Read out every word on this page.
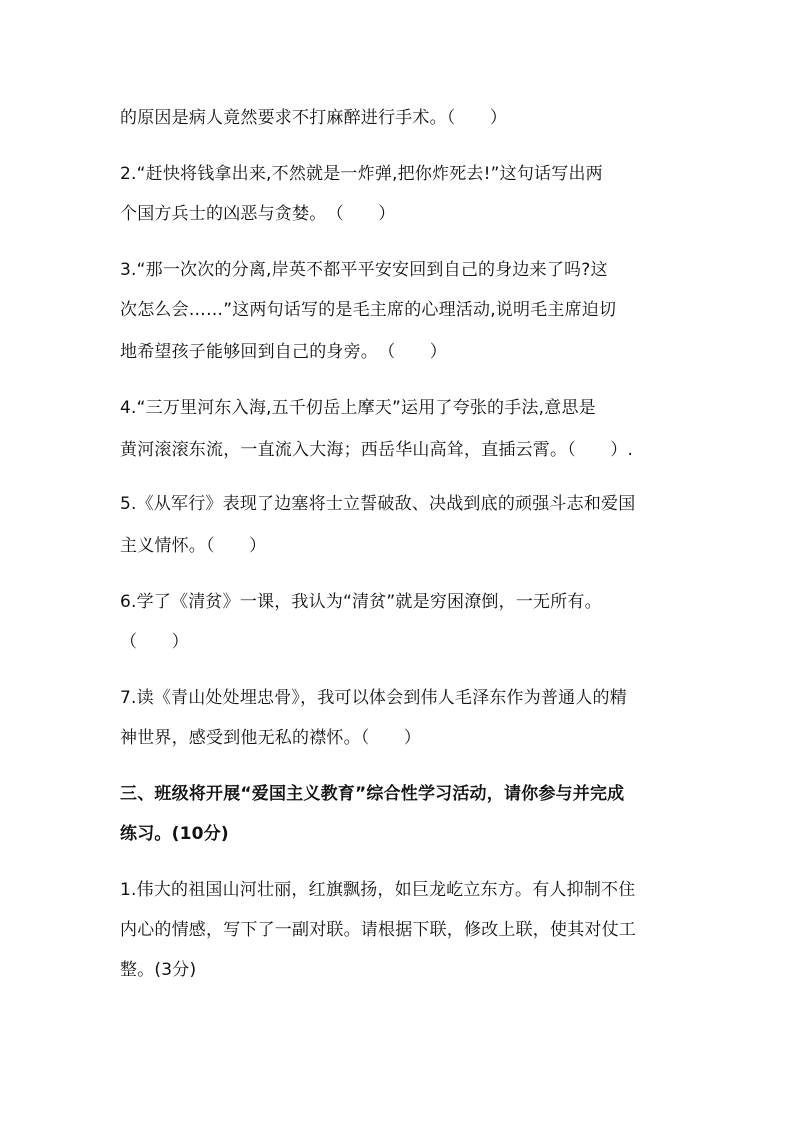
的原因是病人竟然要求不打麻醉进行手术。（　　）
2.“赶快将钱拿出来,不然就是一炸弹,把你炸死去!”这句话写出两
个国方兵士的凶恶与贪婪。　（　　）
3.“那一次次的分离,岸英不都平平安安回到自己的身边来了吗?这
次怎么会……”这两句话写的是毛主席的心理活动,说明毛主席迫切
地希望孩子能够回到自己的身旁。　（　　）
4.“三万里河东入海,五千仞岳上摩天”运用了夸张的手法,意思是
黄河滚滚东流，一直流入大海；西岳华山高耸，直插云霄。（　　）.
5.《从军行》表现了边塞将士立誓破敌、决战到底的顽强斗志和爱国
主义情怀。（　　）
6.学了《清贫》一课，我认为“清贫”就是穷困潦倒，一无所有。
（　　）
7.读《青山处处埋忠骨》，我可以体会到伟人毛泽东作为普通人的精
神世界，感受到他无私的襟怀。（　　）
三、班级将开展“爱国主义教育”综合性学习活动，请你参与并完成
练习。(10分)
1.伟大的祖国山河壮丽，红旗飘扬，如巨龙屹立东方。有人抑制不住
内心的情感，写下了一副对联。请根据下联，修改上联，使其对仗工
整。(3分)
